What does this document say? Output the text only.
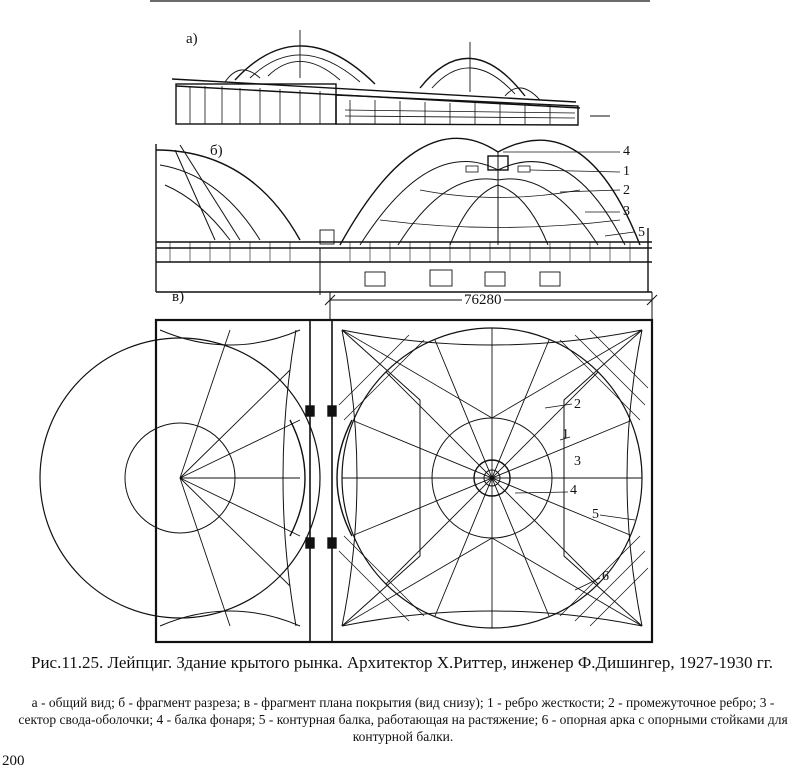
а)
б)
в)
4
1
2
3
5
76280
2
1
3
4
5
6
Рис.11.25. Лейпциг. Здание крытого рынка. Архитектор Х.Риттер, инженер Ф.Дишингер, 1927-1930 гг.
а - общий вид; б - фрагмент разреза; в - фрагмент плана покрытия (вид снизу); 1 - ребро жесткости; 2 - промежуточное ребро; 3 - сектор свода-оболочки; 4 - балка фонаря; 5 - контурная балка, работающая на растяжение; 6 - опорная арка с опорными стойками для контурной балки.
200
